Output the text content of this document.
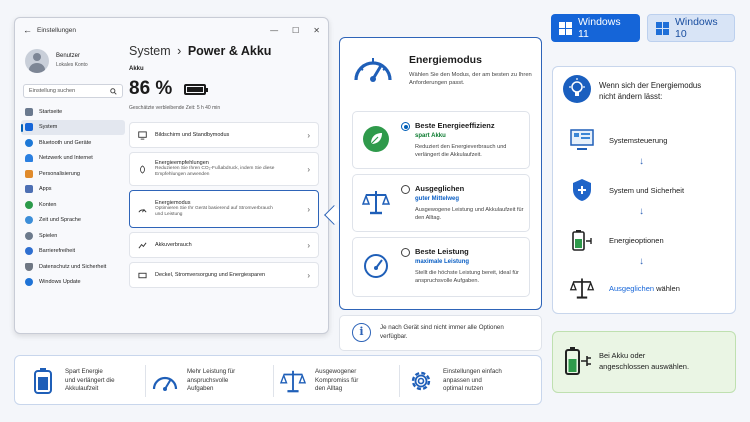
← Einstellungen	— ☐ ✕
Benutzer
Lokales Konto
Einstellung suchen
Startseite
System
Bluetooth und Geräte
Netzwerk und Internet
Personalisierung
Apps
Konten
Zeit und Sprache
Spielen
Barrierefreiheit
Datenschutz und Sicherheit
Windows Update
System › Power & Akku
Akku
86 %
Geschätzte verbleibende Zeit: 5 h 40 min
Bildschirm und Standbymodus	›
Energieempfehlungen
Reduzieren Sie Ihren CO₂-Fußabdruck, indem Sie diese Empfehlungen anwenden
›
Energiemodus
Optimieren Sie Ihr Gerät basierend auf Stromverbrauch und Leistung
›
Akkuverbrauch	›
Deckel, Stromversorgung und Energiesparen	›
Energiemodus
Wählen Sie den Modus, der am besten zu Ihren Anforderungen passt.
Beste Energieeffizienz
spart Akku
Reduziert den Energieverbrauch und verlängert die Akkulaufzeit.
Ausgeglichen
guter Mittelweg
Ausgewogene Leistung und Akkulaufzeit für den Alltag.
Beste Leistung
maximale Leistung
Stellt die höchste Leistung bereit, ideal für anspruchsvolle Aufgaben.
i	Je nach Gerät sind nicht immer alle Optionen verfügbar.
Windows 11
Windows 10
Wenn sich der Energiemodus
nicht ändern lässt:
Systemsteuerung
↓
System und Sicherheit
↓
Energieoptionen
↓
Ausgeglichen wählen
Bei Akku oder
angeschlossen auswählen.
Spart Energie
und verlängert die
Akkulaufzeit
Mehr Leistung für
anspruchsvolle
Aufgaben
Ausgewogener
Kompromiss für
den Alltag
Einstellungen einfach
anpassen und
optimal nutzen
